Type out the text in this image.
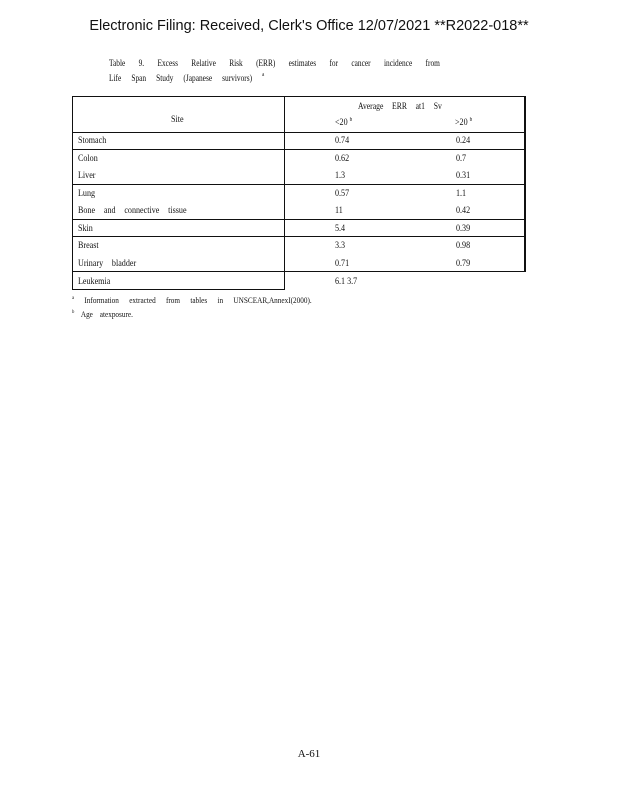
Electronic Filing: Received, Clerk's Office 12/07/2021 **R2022-018**
Table 9. Excess Relative Risk (ERR) estimates for cancer incidence from
Life Span Study (Japanese survivors) $^a$
Site
Average ERR at1 Sv
<20 $^b$	>20 $^b$
Stomach	0.74	0.24
Colon	0.62	0.7
Liver	1.3	0.31
Lung	0.57	1.1
Bone and connective tissue	11	0.42
Skin	5.4	0.39
Breast	3.3	0.98
Urinary bladder	0.71	0.79
Leukemia	6.1 3.7
$^a$ Information extracted from tables in UNSCEAR,AnnexI(2000).
$^b$ Age atexposure.
A-61
